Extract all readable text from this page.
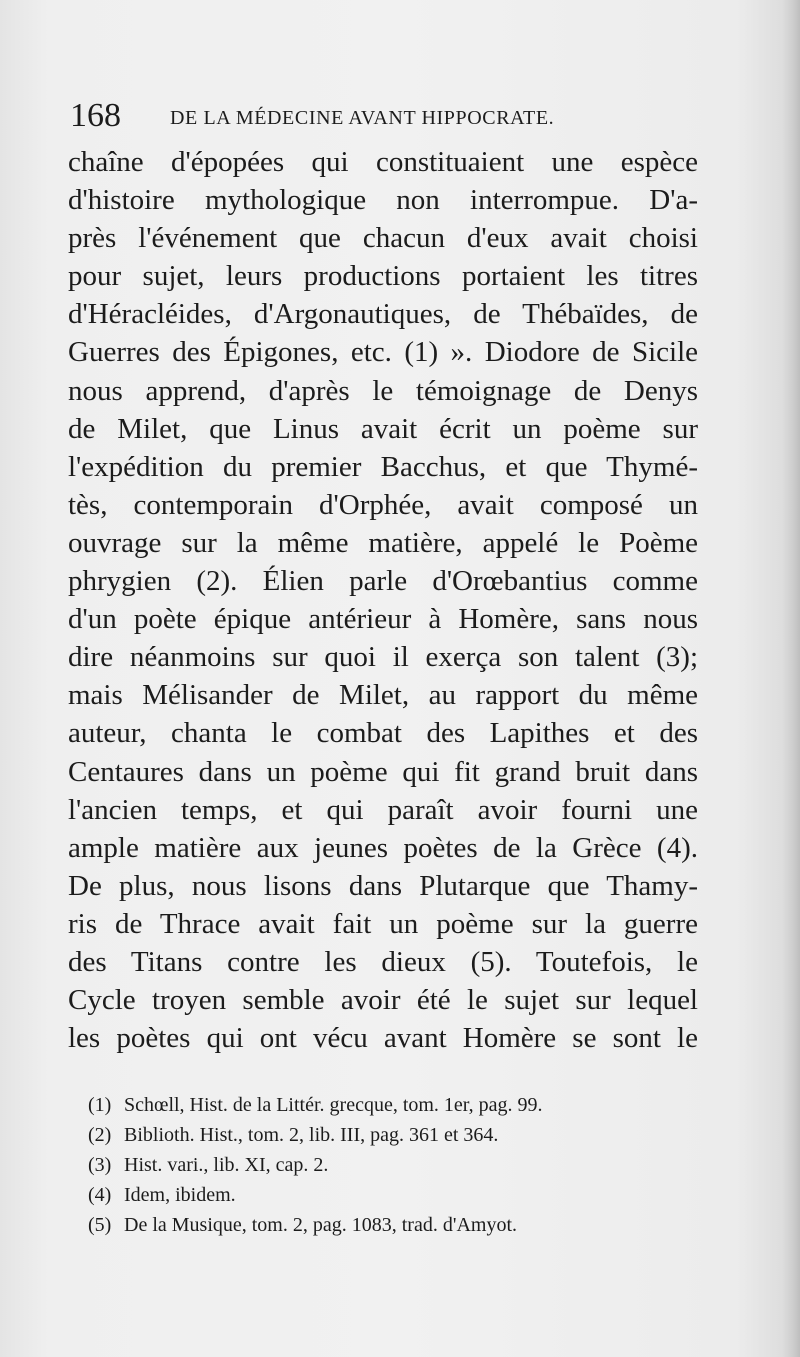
168 DE LA MÉDECINE AVANT HIPPOCRATE.
chaîne d'épopées qui constituaient une espèce
d'histoire mythologique non interrompue. D'a-
près l'événement que chacun d'eux avait choisi
pour sujet, leurs productions portaient les titres
d'Héracléides, d'Argonautiques, de Thébaïdes, de
Guerres des Épigones, etc. (1) ». Diodore de Sicile
nous apprend, d'après le témoignage de Denys
de Milet, que Linus avait écrit un poème sur
l'expédition du premier Bacchus, et que Thymé-
tès, contemporain d'Orphée, avait composé un
ouvrage sur la même matière, appelé le Poème
phrygien (2). Élien parle d'Orœbantius comme
d'un poète épique antérieur à Homère, sans nous
dire néanmoins sur quoi il exerça son talent (3);
mais Mélisander de Milet, au rapport du même
auteur, chanta le combat des Lapithes et des
Centaures dans un poème qui fit grand bruit dans
l'ancien temps, et qui paraît avoir fourni une
ample matière aux jeunes poètes de la Grèce (4).
De plus, nous lisons dans Plutarque que Thamy-
ris de Thrace avait fait un poème sur la guerre
des Titans contre les dieux (5). Toutefois, le
Cycle troyen semble avoir été le sujet sur lequel
les poètes qui ont vécu avant Homère se sont le
(1) Schœll, Hist. de la Littér. grecque, tom. 1er, pag. 99.
(2) Biblioth. Hist., tom. 2, lib. III, pag. 361 et 364.
(3) Hist. vari., lib. XI, cap. 2.
(4) Idem, ibidem.
(5) De la Musique, tom. 2, pag. 1083, trad. d'Amyot.
